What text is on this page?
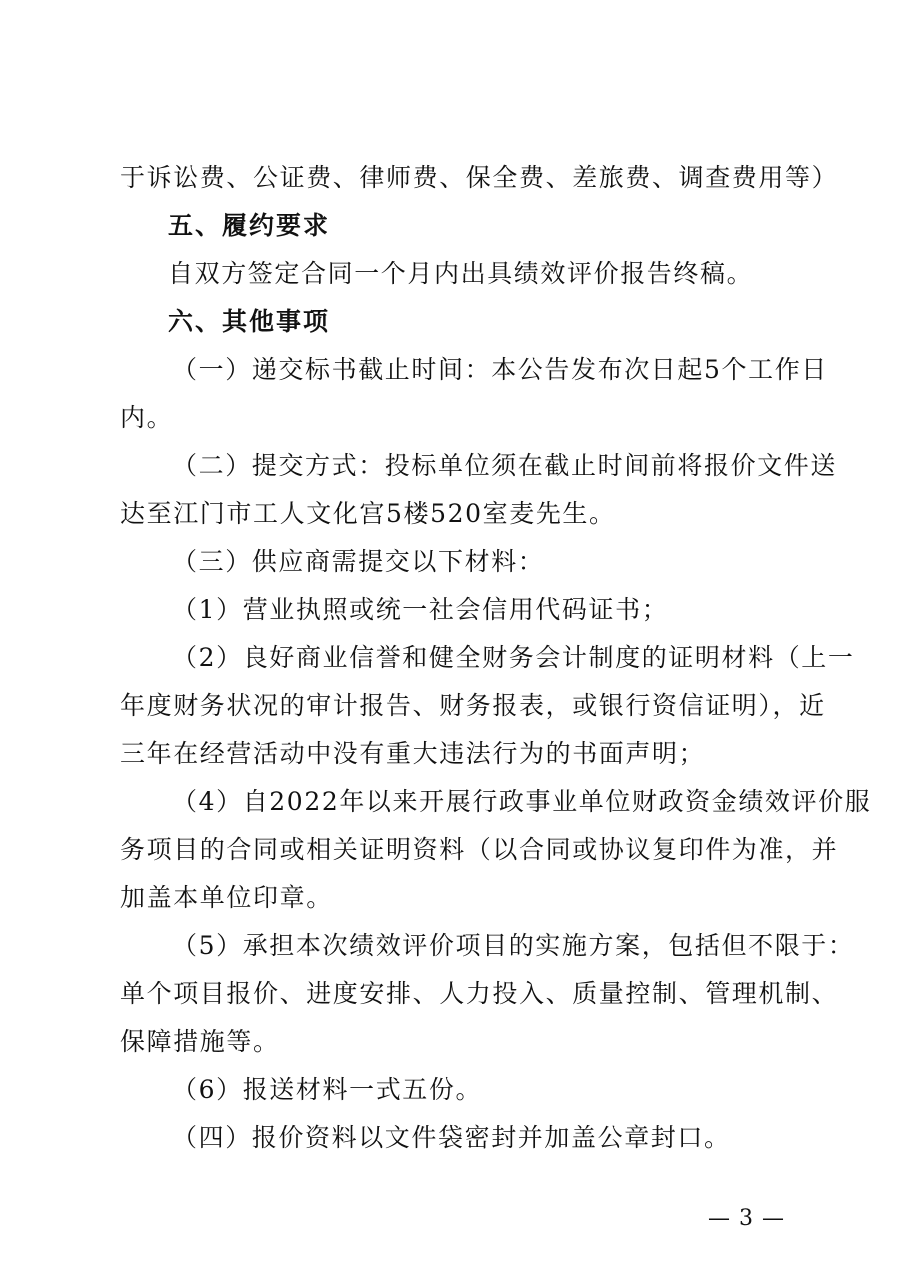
于诉讼费、公证费、律师费、保全费、差旅费、调查费用等）
五、履约要求
自双方签定合同一个月内出具绩效评价报告终稿。
六、其他事项
（一）递交标书截止时间：本公告发布次日起5个工作日
内。
（二）提交方式：投标单位须在截止时间前将报价文件送
达至江门市工人文化宫5楼520室麦先生。
（三）供应商需提交以下材料：
（1）营业执照或统一社会信用代码证书；
（2）良好商业信誉和健全财务会计制度的证明材料（上一
年度财务状况的审计报告、财务报表，或银行资信证明），近
三年在经营活动中没有重大违法行为的书面声明；
（4）自2022年以来开展行政事业单位财政资金绩效评价服
务项目的合同或相关证明资料（以合同或协议复印件为准，并
加盖本单位印章。
（5）承担本次绩效评价项目的实施方案，包括但不限于：
单个项目报价、进度安排、人力投入、质量控制、管理机制、
保障措施等。
（6）报送材料一式五份。
（四）报价资料以文件袋密封并加盖公章封口。
— 3 —
